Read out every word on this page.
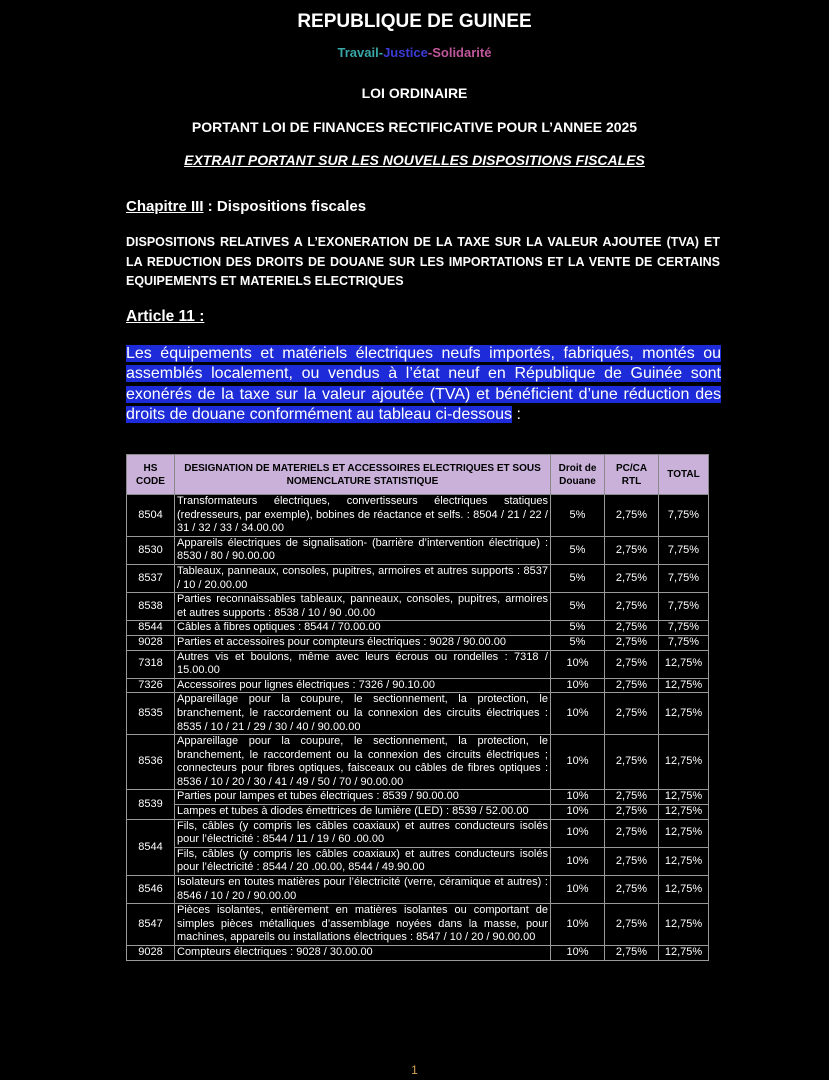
REPUBLIQUE DE GUINEE
Travail-Justice-Solidarité
LOI ORDINAIRE
PORTANT LOI DE FINANCES RECTIFICATIVE POUR L’ANNEE 2025
EXTRAIT PORTANT SUR LES NOUVELLES DISPOSITIONS FISCALES
Chapitre III : Dispositions fiscales
DISPOSITIONS RELATIVES A L’EXONERATION DE LA TAXE SUR LA VALEUR AJOUTEE (TVA) ET LA REDUCTION DES DROITS DE DOUANE SUR LES IMPORTATIONS ET LA VENTE DE CERTAINS EQUIPEMENTS ET MATERIELS ELECTRIQUES
Article 11 :
Les équipements et matériels électriques neufs importés, fabriqués, montés ou assemblés localement, ou vendus à l’état neuf en République de Guinée sont exonérés de la taxe sur la valeur ajoutée (TVA) et bénéficient d’une réduction des droits de douane conformément au tableau ci-dessous :
HS CODE	DESIGNATION DE MATERIELS ET ACCESSOIRES ELECTRIQUES ET SOUS NOMENCLATURE STATISTIQUE	Droit de Douane	PC/CA RTL	TOTAL
8504	Transformateurs électriques, convertisseurs électriques statiques (redresseurs, par exemple), bobines de réactance et selfs. : 8504 / 21 / 22 / 31 / 32 / 33 / 34.00.00	5%	2,75%	7,75%
8530	Appareils électriques de signalisation- (barrière d’intervention électrique) : 8530 / 80 / 90.00.00	5%	2,75%	7,75%
8537	Tableaux, panneaux, consoles, pupitres, armoires et autres supports : 8537 / 10 / 20.00.00	5%	2,75%	7,75%
8538	Parties reconnaissables tableaux, panneaux, consoles, pupitres, armoires et autres supports : 8538 / 10 / 90 .00.00	5%	2,75%	7,75%
8544	Câbles à fibres optiques : 8544 / 70.00.00	5%	2,75%	7,75%
9028	Parties et accessoires pour compteurs électriques : 9028 / 90.00.00	5%	2,75%	7,75%
7318	Autres vis et boulons, même avec leurs écrous ou rondelles : 7318 / 15.00.00	10%	2,75%	12,75%
7326	Accessoires pour lignes électriques : 7326 / 90.10.00	10%	2,75%	12,75%
8535	Appareillage pour la coupure, le sectionnement, la protection, le branchement, le raccordement ou la connexion des circuits électriques : 8535 / 10 / 21 / 29 / 30 / 40 / 90.00.00	10%	2,75%	12,75%
8536	Appareillage pour la coupure, le sectionnement, la protection, le branchement, le raccordement ou la connexion des circuits électriques ; connecteurs pour fibres optiques, faisceaux ou câbles de fibres optiques : 8536 / 10 / 20 / 30 / 41 / 49 / 50 / 70 / 90.00.00	10%	2,75%	12,75%
8539	Parties pour lampes et tubes électriques : 8539 / 90.00.00	10%	2,75%	12,75%
	Lampes et tubes à diodes émettrices de lumière (LED) : 8539 / 52.00.00	10%	2,75%	12,75%
8544	Fils, câbles (y compris les câbles coaxiaux) et autres conducteurs isolés pour l’électricité : 8544 / 11 / 19 / 60 .00.00	10%	2,75%	12,75%
	Fils, câbles (y compris les câbles coaxiaux) et autres conducteurs isolés pour l’électricité : 8544 / 20 .00.00, 8544 / 49.90.00	10%	2,75%	12,75%
8546	Isolateurs en toutes matières pour l’électricité (verre, céramique et autres) : 8546 / 10 / 20 / 90.00.00	10%	2,75%	12,75%
8547	Pièces isolantes, entièrement en matières isolantes ou comportant de simples pièces métalliques d’assemblage noyées dans la masse, pour machines, appareils ou installations électriques : 8547 / 10 / 20 / 90.00.00	10%	2,75%	12,75%
9028	Compteurs électriques : 9028 / 30.00.00	10%	2,75%	12,75%
1
